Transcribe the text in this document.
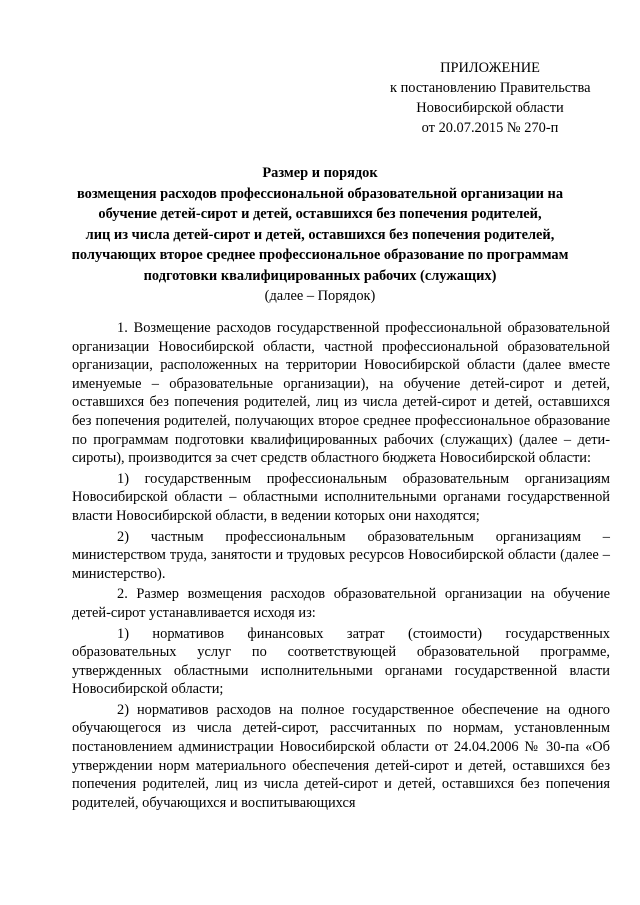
ПРИЛОЖЕНИЕ
к постановлению Правительства
Новосибирской области
от 20.07.2015 № 270-п
Размер и порядок
возмещения расходов профессиональной образовательной организации на
обучение детей-сирот и детей, оставшихся без попечения родителей,
лиц из числа детей-сирот и детей, оставшихся без попечения родителей,
получающих второе среднее профессиональное образование по программам
подготовки квалифицированных рабочих (служащих)
(далее – Порядок)

1. Возмещение расходов государственной профессиональной образовательной организации Новосибирской области, частной профессиональной образовательной организации, расположенных на территории Новосибирской области (далее вместе именуемые – образовательные организации), на обучение детей-сирот и детей, оставшихся без попечения родителей, лиц из числа детей-сирот и детей, оставшихся без попечения родителей, получающих второе среднее профессиональное образование по программам подготовки квалифицированных рабочих (служащих) (далее – дети-сироты), производится за счет средств областного бюджета Новосибирской области:

1) государственным профессиональным образовательным организациям Новосибирской области – областными исполнительными органами государственной власти Новосибирской области, в ведении которых они находятся;

2) частным профессиональным образовательным организациям – министерством труда, занятости и трудовых ресурсов Новосибирской области (далее – министерство).

2. Размер возмещения расходов образовательной организации на обучение детей-сирот устанавливается исходя из:

1) нормативов финансовых затрат (стоимости) государственных образовательных услуг по соответствующей образовательной программе, утвержденных областными исполнительными органами государственной власти Новосибирской области;

2) нормативов расходов на полное государственное обеспечение на одного обучающегося из числа детей-сирот, рассчитанных по нормам, установленным постановлением администрации Новосибирской области от 24.04.2006 № 30-па «Об утверждении норм материального обеспечения детей-сирот и детей, оставшихся без попечения родителей, лиц из числа детей-сирот и детей, оставшихся без попечения родителей, обучающихся и воспитывающихся
